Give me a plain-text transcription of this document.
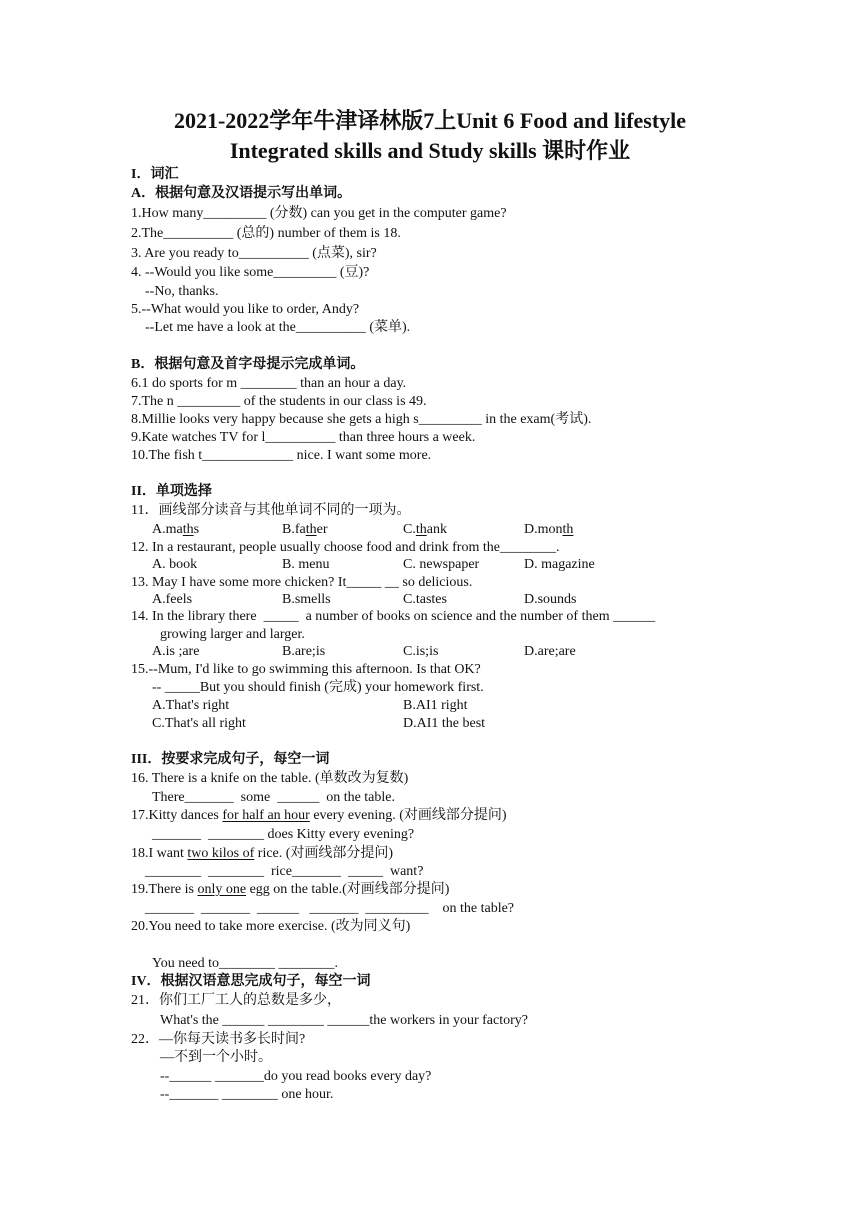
2021-2022学年牛津译林版7上Unit 6 Food and lifestyle
Integrated skills and Study skills 课时作业
I．词汇
A．根据句意及汉语提示写出单词。
1.How many_________ (分数) can you get in the computer game?
2.The__________ (总的) number of them is 18.
3. Are you ready to__________ (点菜), sir?
4. --Would you like some_________ (豆)?
--No, thanks.
5.--What would you like to order, Andy?
--Let me have a look at the__________ (菜单).
B．根据句意及首字母提示完成单词。
6.1 do sports for m ________ than an hour a day.
7.The n _________ of the students in our class is 49.
8.Millie looks very happy because she gets a high s_________ in the exam(考试).
9.Kate watches TV for l__________ than three hours a week.
10.The fish t_____________ nice. I want some more.
II．单项选择
11．画线部分读音与其他单词不同的一项为。
A.maths	B.father	C.thank	D.month
12. In a restaurant, people usually choose food and drink from the________.
A. book	B. menu	C. newspaper	D. magazine
13. May I have some more chicken? It_____ __ so delicious.
A.feels	B.smells	C.tastes	D.sounds
14. In the library there  _____  a number of books on science and the number of them ______
growing larger and larger.
A.is ;are	B.are;is	C.is;is	D.are;are
15.--Mum, I'd like to go swimming this afternoon. Is that OK?
-- _____But you should finish (完成) your homework first.
A.That's right	B.AI1 right
C.That's all right	D.AI1 the best
III．按要求完成句子，每空一词
16. There is a knife on the table. (单数改为复数)
There_______  some  ______  on the table.
17.Kitty dances for half an hour every evening. (对画线部分提问)
_______  ________ does Kitty every evening?
18.I want two kilos of rice. (对画线部分提问)
________  ________  rice_______  _____  want?
19.There is only one egg on the table.(对画线部分提问)
_______  _______  ______   _______  _________    on the table?
20.You need to take more exercise. (改为同义句)
You need to________ ________.
IV．根据汉语意思完成句子，每空一词
21．你们工厂工人的总数是多少，
What's the ______ ________ ______the workers in your factory?
22．—你每天读书多长时间?
—不到一个小时。
--______ _______do you read books every day?
--_______ ________ one hour.
